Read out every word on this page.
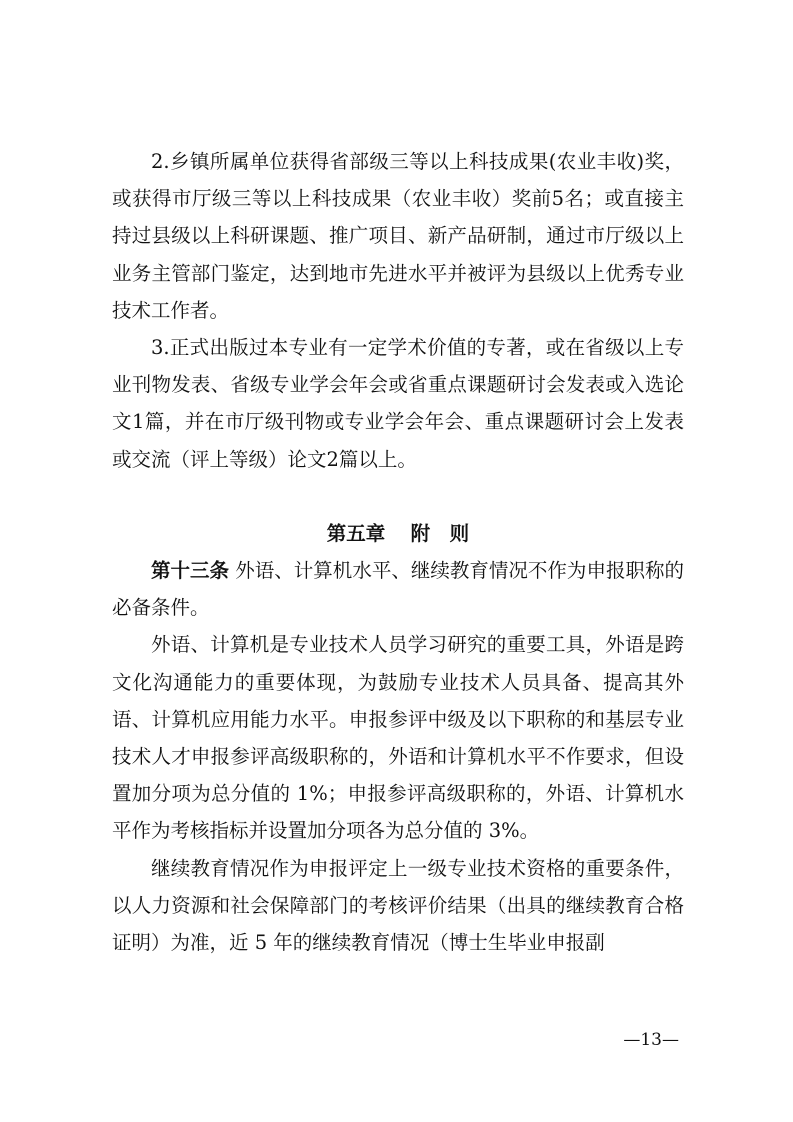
2.乡镇所属单位获得省部级三等以上科技成果(农业丰收)奖，或获得市厅级三等以上科技成果（农业丰收）奖前5名；或直接主持过县级以上科研课题、推广项目、新产品研制，通过市厅级以上业务主管部门鉴定，达到地市先进水平并被评为县级以上优秀专业技术工作者。

3.正式出版过本专业有一定学术价值的专著，或在省级以上专业刊物发表、省级专业学会年会或省重点课题研讨会发表或入选论文1篇，并在市厅级刊物或专业学会年会、重点课题研讨会上发表或交流（评上等级）论文2篇以上。

第五章 附 则

第十三条 外语、计算机水平、继续教育情况不作为申报职称的必备条件。

外语、计算机是专业技术人员学习研究的重要工具，外语是跨文化沟通能力的重要体现，为鼓励专业技术人员具备、提高其外语、计算机应用能力水平。申报参评中级及以下职称的和基层专业技术人才申报参评高级职称的，外语和计算机水平不作要求，但设置加分项为总分值的 1%；申报参评高级职称的，外语、计算机水平作为考核指标并设置加分项各为总分值的 3%。

继续教育情况作为申报评定上一级专业技术资格的重要条件，以人力资源和社会保障部门的考核评价结果（出具的继续教育合格证明）为准，近 5 年的继续教育情况（博士生毕业申报副

—13—
